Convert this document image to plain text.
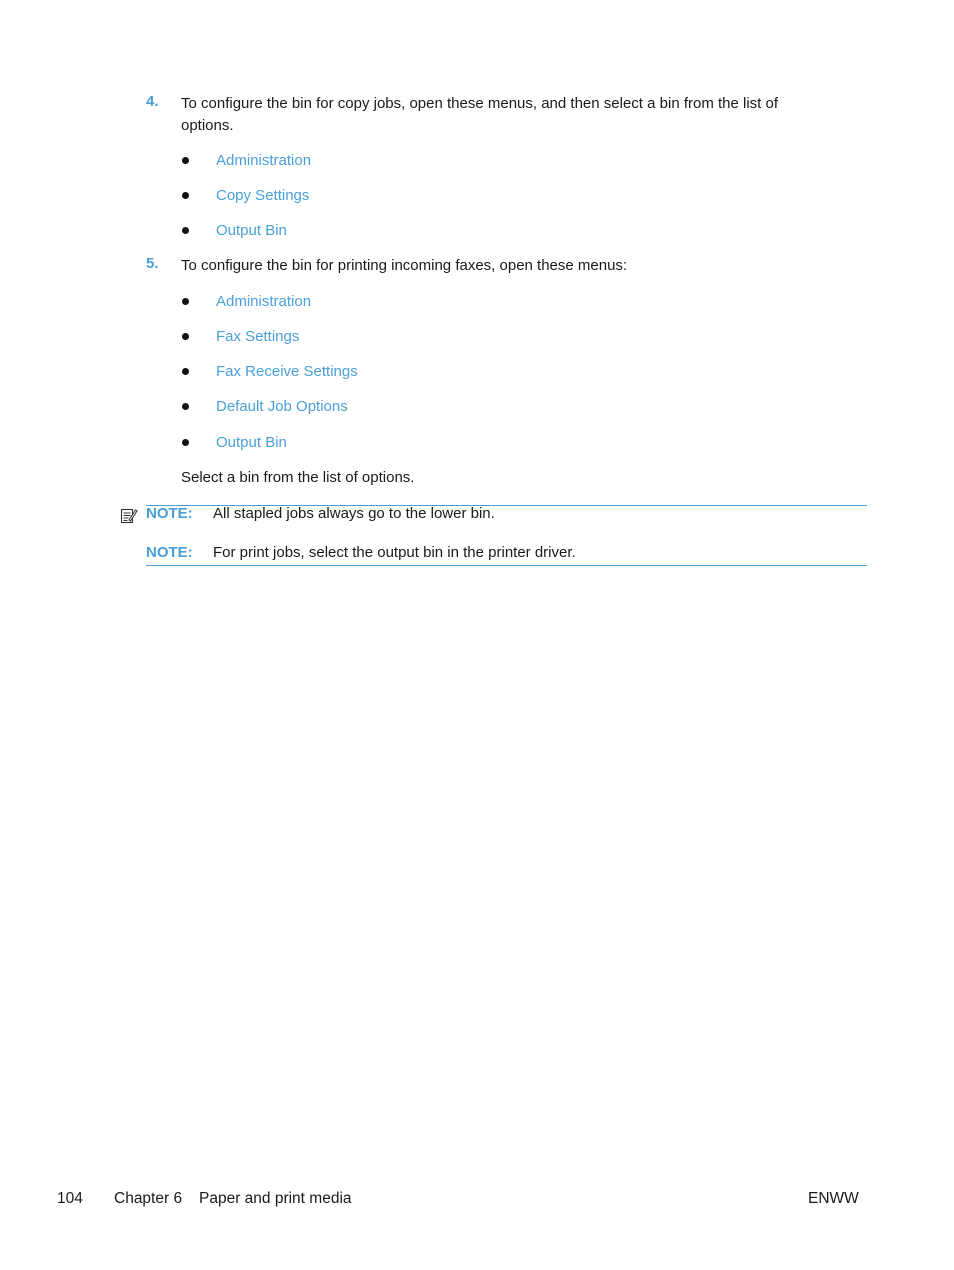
4. To configure the bin for copy jobs, open these menus, and then select a bin from the list of options.
Administration
Copy Settings
Output Bin
5. To configure the bin for printing incoming faxes, open these menus:
Administration
Fax Settings
Fax Receive Settings
Default Job Options
Output Bin
Select a bin from the list of options.
NOTE: All stapled jobs always go to the lower bin.
NOTE: For print jobs, select the output bin in the printer driver.
104 Chapter 6 Paper and print media	ENWW
